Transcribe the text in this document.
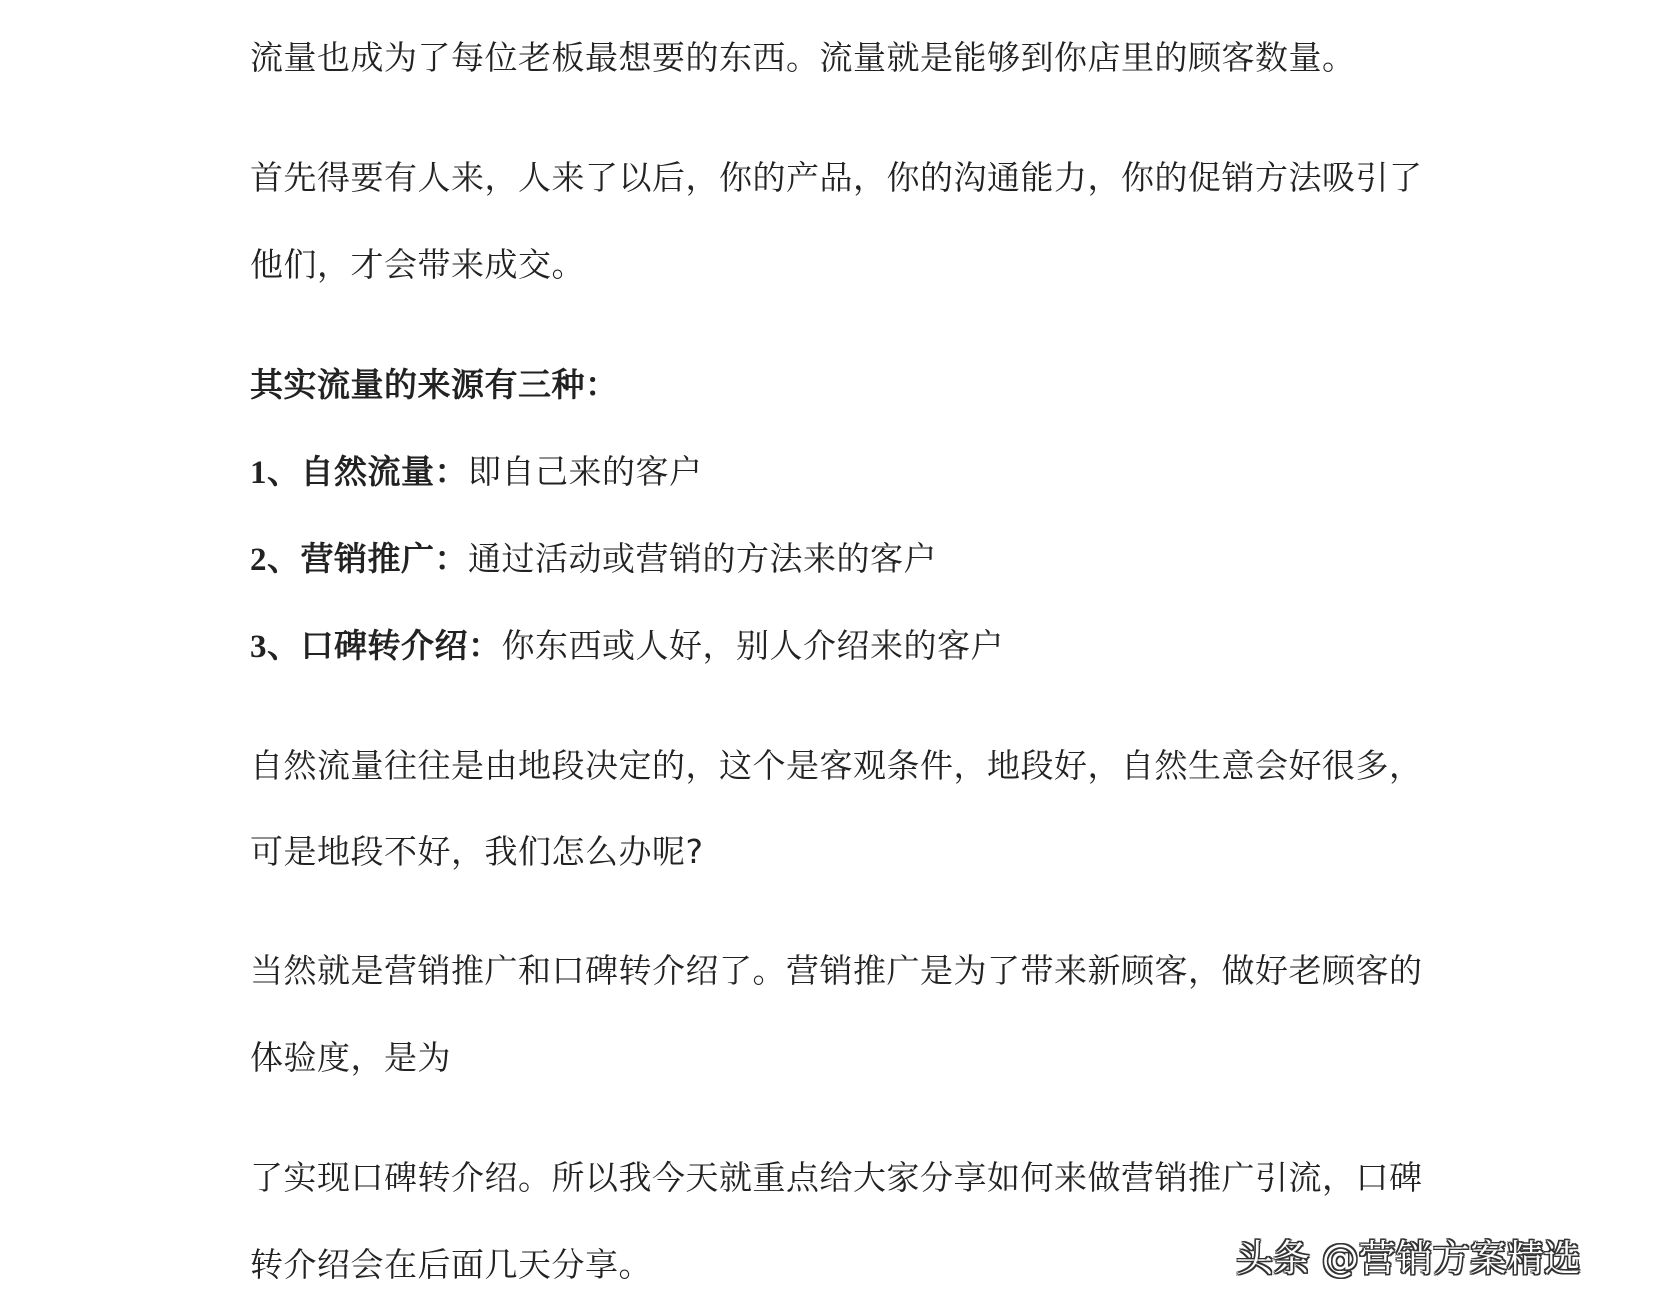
流量也成为了每位老板最想要的东西。流量就是能够到你店里的顾客数量。
首先得要有人来，人来了以后，你的产品，你的沟通能力，你的促销方法吸引了
他们，才会带来成交。
其实流量的来源有三种：
1、自然流量：即自己来的客户
2、营销推广：通过活动或营销的方法来的客户
3、口碑转介绍：你东西或人好，别人介绍来的客户
自然流量往往是由地段决定的，这个是客观条件，地段好，自然生意会好很多，
可是地段不好，我们怎么办呢?
当然就是营销推广和口碑转介绍了。营销推广是为了带来新顾客，做好老顾客的
体验度，是为
了实现口碑转介绍。所以我今天就重点给大家分享如何来做营销推广引流，口碑
转介绍会在后面几天分享。	头条 @营销方案精选
